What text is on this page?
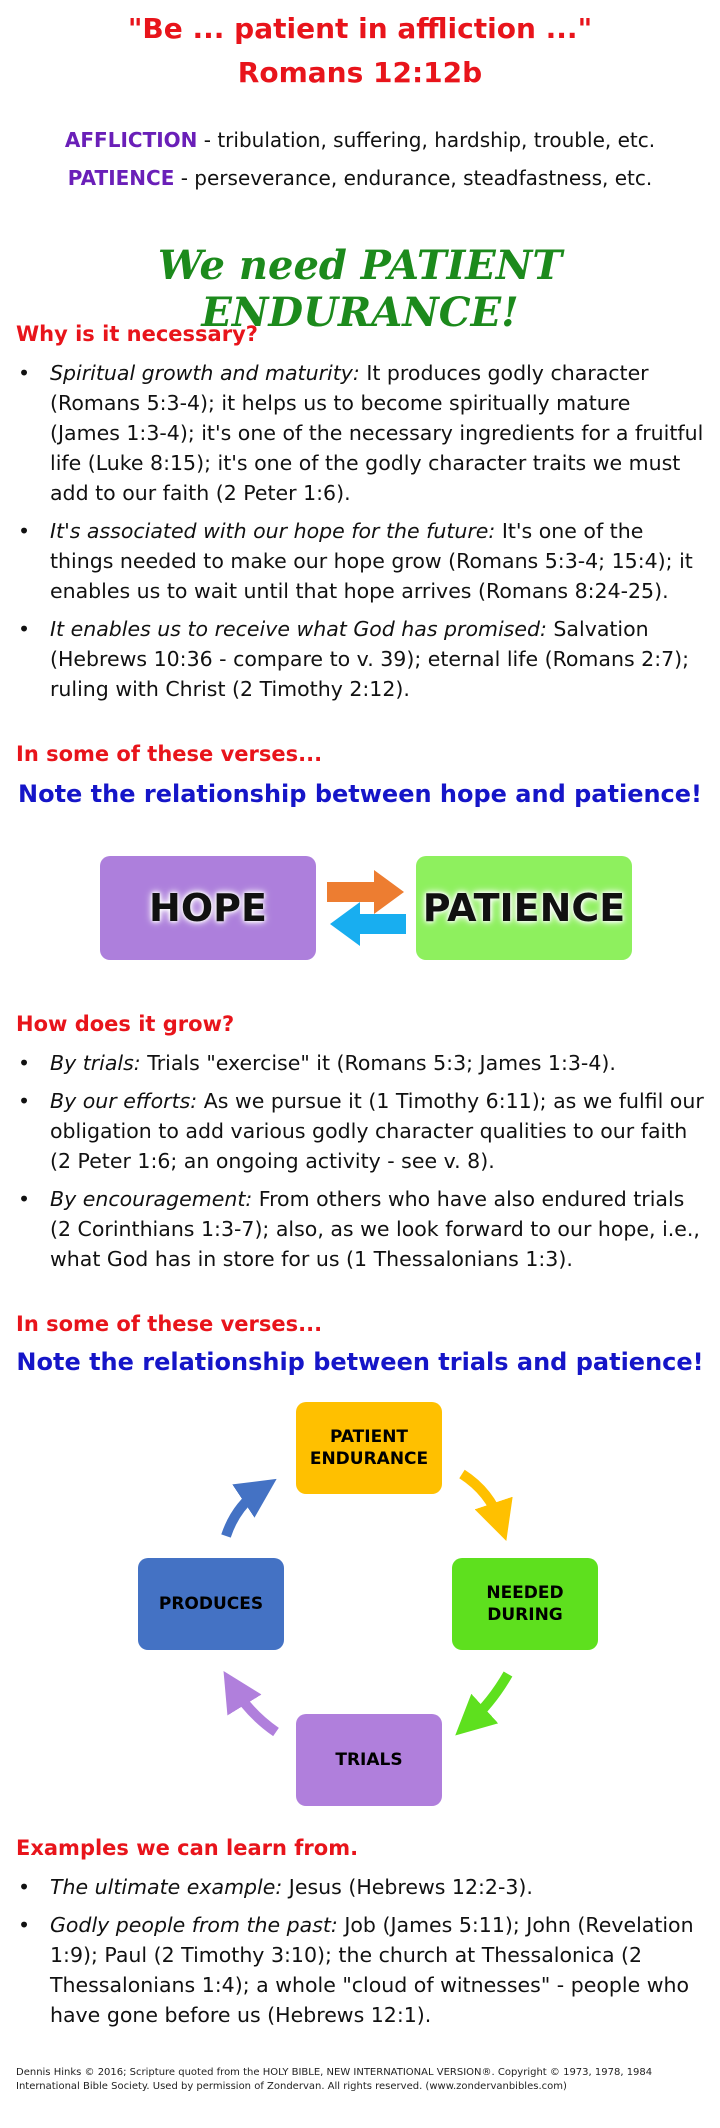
"Be ... patient in affliction ..."
Romans 12:12b
AFFLICTION - tribulation, suffering, hardship, trouble, etc.
PATIENCE - perseverance, endurance, steadfastness, etc.
We need PATIENT ENDURANCE!
Why is it necessary?
• Spiritual growth and maturity: It produces godly character (Romans 5:3-4); it helps us to become spiritually mature (James 1:3-4); it's one of the necessary ingredients for a fruitful life (Luke 8:15); it's one of the godly character traits we must add to our faith (2 Peter 1:6).
• It's associated with our hope for the future: It's one of the things needed to make our hope grow (Romans 5:3-4; 15:4); it enables us to wait until that hope arrives (Romans 8:24-25).
• It enables us to receive what God has promised: Salvation (Hebrews 10:36 - compare to v. 39); eternal life (Romans 2:7); ruling with Christ (2 Timothy 2:12).
In some of these verses...
Note the relationship between hope and patience!
HOPE	PATIENCE
How does it grow?
• By trials: Trials "exercise" it (Romans 5:3; James 1:3-4).
• By our efforts: As we pursue it (1 Timothy 6:11); as we fulfil our obligation to add various godly character qualities to our faith (2 Peter 1:6; an ongoing activity - see v. 8).
• By encouragement: From others who have also endured trials (2 Corinthians 1:3-7); also, as we look forward to our hope, i.e., what God has in store for us (1 Thessalonians 1:3).
In some of these verses...
Note the relationship between trials and patience!
PATIENT
ENDURANCE
NEEDED
DURING
TRIALS
PRODUCES
Examples we can learn from.
• The ultimate example: Jesus (Hebrews 12:2-3).
• Godly people from the past: Job (James 5:11); John (Revelation 1:9); Paul (2 Timothy 3:10); the church at Thessalonica (2 Thessalonians 1:4); a whole "cloud of witnesses" - people who have gone before us (Hebrews 12:1).
Dennis Hinks © 2016; Scripture quoted from the HOLY BIBLE, NEW INTERNATIONAL VERSION®. Copyright © 1973, 1978, 1984
International Bible Society. Used by permission of Zondervan. All rights reserved. (www.zondervanbibles.com)
